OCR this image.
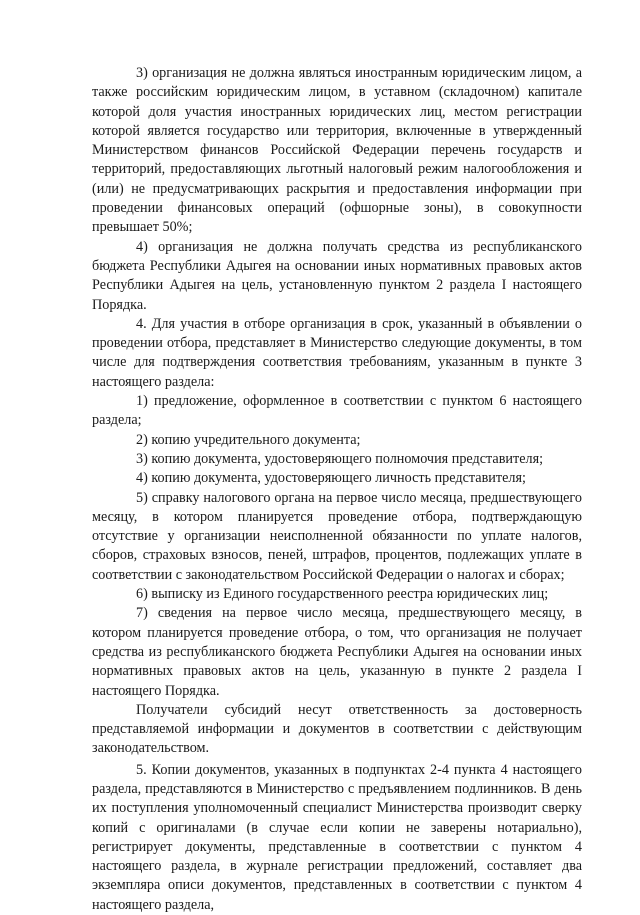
3) организация не должна являться иностранным юридическим лицом, а также российским юридическим лицом, в уставном (складочном) капитале которой доля участия иностранных юридических лиц, местом регистрации которой является государство или территория, включенные в утвержденный Министерством финансов Российской Федерации перечень государств и территорий, предоставляющих льготный налоговый режим налогообложения и (или) не предусматривающих раскрытия и предоставления информации при проведении финансовых операций (офшорные зоны), в совокупности превышает 50%;

4) организация не должна получать средства из республиканского бюджета Республики Адыгея на основании иных нормативных правовых актов Республики Адыгея на цель, установленную пунктом 2 раздела I настоящего Порядка.

4. Для участия в отборе организация в срок, указанный в объявлении о проведении отбора, представляет в Министерство следующие документы, в том числе для подтверждения соответствия требованиям, указанным в пункте 3 настоящего раздела:

1) предложение, оформленное в соответствии с пунктом 6 настоящего раздела;

2) копию учредительного документа;

3) копию документа, удостоверяющего полномочия представителя;

4) копию документа, удостоверяющего личность представителя;

5) справку налогового органа на первое число месяца, предшествующего месяцу, в котором планируется проведение отбора, подтверждающую отсутствие у организации неисполненной обязанности по уплате налогов, сборов, страховых взносов, пеней, штрафов, процентов, подлежащих уплате в соответствии с законодательством Российской Федерации о налогах и сборах;

6) выписку из Единого государственного реестра юридических лиц;

7) сведения на первое число месяца, предшествующего месяцу, в котором планируется проведение отбора, о том, что организация не получает средства из республиканского бюджета Республики Адыгея на основании иных нормативных правовых актов на цель, указанную в пункте 2 раздела I настоящего Порядка.

Получатели субсидий несут ответственность за достоверность представляемой информации и документов в соответствии с действующим законодательством.

5. Копии документов, указанных в подпунктах 2-4 пункта 4 настоящего раздела, представляются в Министерство с предъявлением подлинников. В день их поступления уполномоченный специалист Министерства производит сверку копий с оригиналами (в случае если копии не заверены нотариально), регистрирует документы, представленные в соответствии с пунктом 4 настоящего раздела, в журнале регистрации предложений, составляет два экземпляра описи документов, представленных в соответствии с пунктом 4 настоящего раздела,
